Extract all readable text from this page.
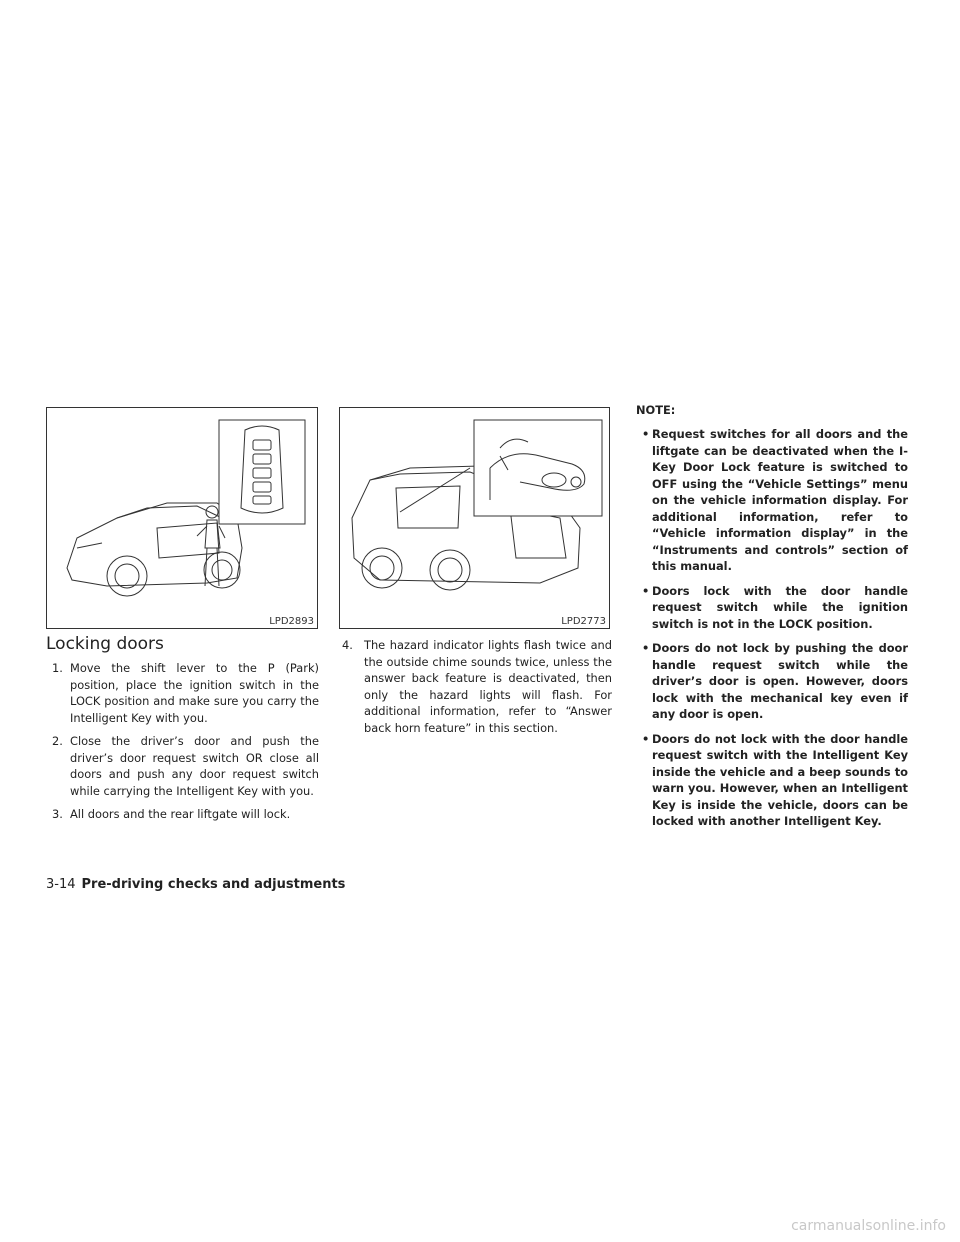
LPD2893	LPD2773
Locking doors
1. Move the shift lever to the P (Park) position, place the ignition switch in the LOCK position and make sure you carry the Intelligent Key with you.
2. Close the driver’s door and push the driver’s door request switch OR close all doors and push any door request switch while carrying the Intelligent Key with you.
3. All doors and the rear liftgate will lock.
4. The hazard indicator lights flash twice and the outside chime sounds twice, unless the answer back feature is deactivated, then only the hazard lights will flash. For additional information, refer to “Answer back horn feature” in this section.
NOTE:
• Request switches for all doors and the liftgate can be deactivated when the I-Key Door Lock feature is switched to OFF using the “Vehicle Settings” menu on the vehicle information display. For additional information, refer to “Vehicle information display” in the “Instruments and controls” section of this manual.
• Doors lock with the door handle request switch while the ignition switch is not in the LOCK position.
• Doors do not lock by pushing the door handle request switch while the driver’s door is open. However, doors lock with the mechanical key even if any door is open.
• Doors do not lock with the door handle request switch with the Intelligent Key inside the vehicle and a beep sounds to warn you. However, when an Intelligent Key is inside the vehicle, doors can be locked with another Intelligent Key.
3-14 Pre-driving checks and adjustments
carmanualsonline.info
